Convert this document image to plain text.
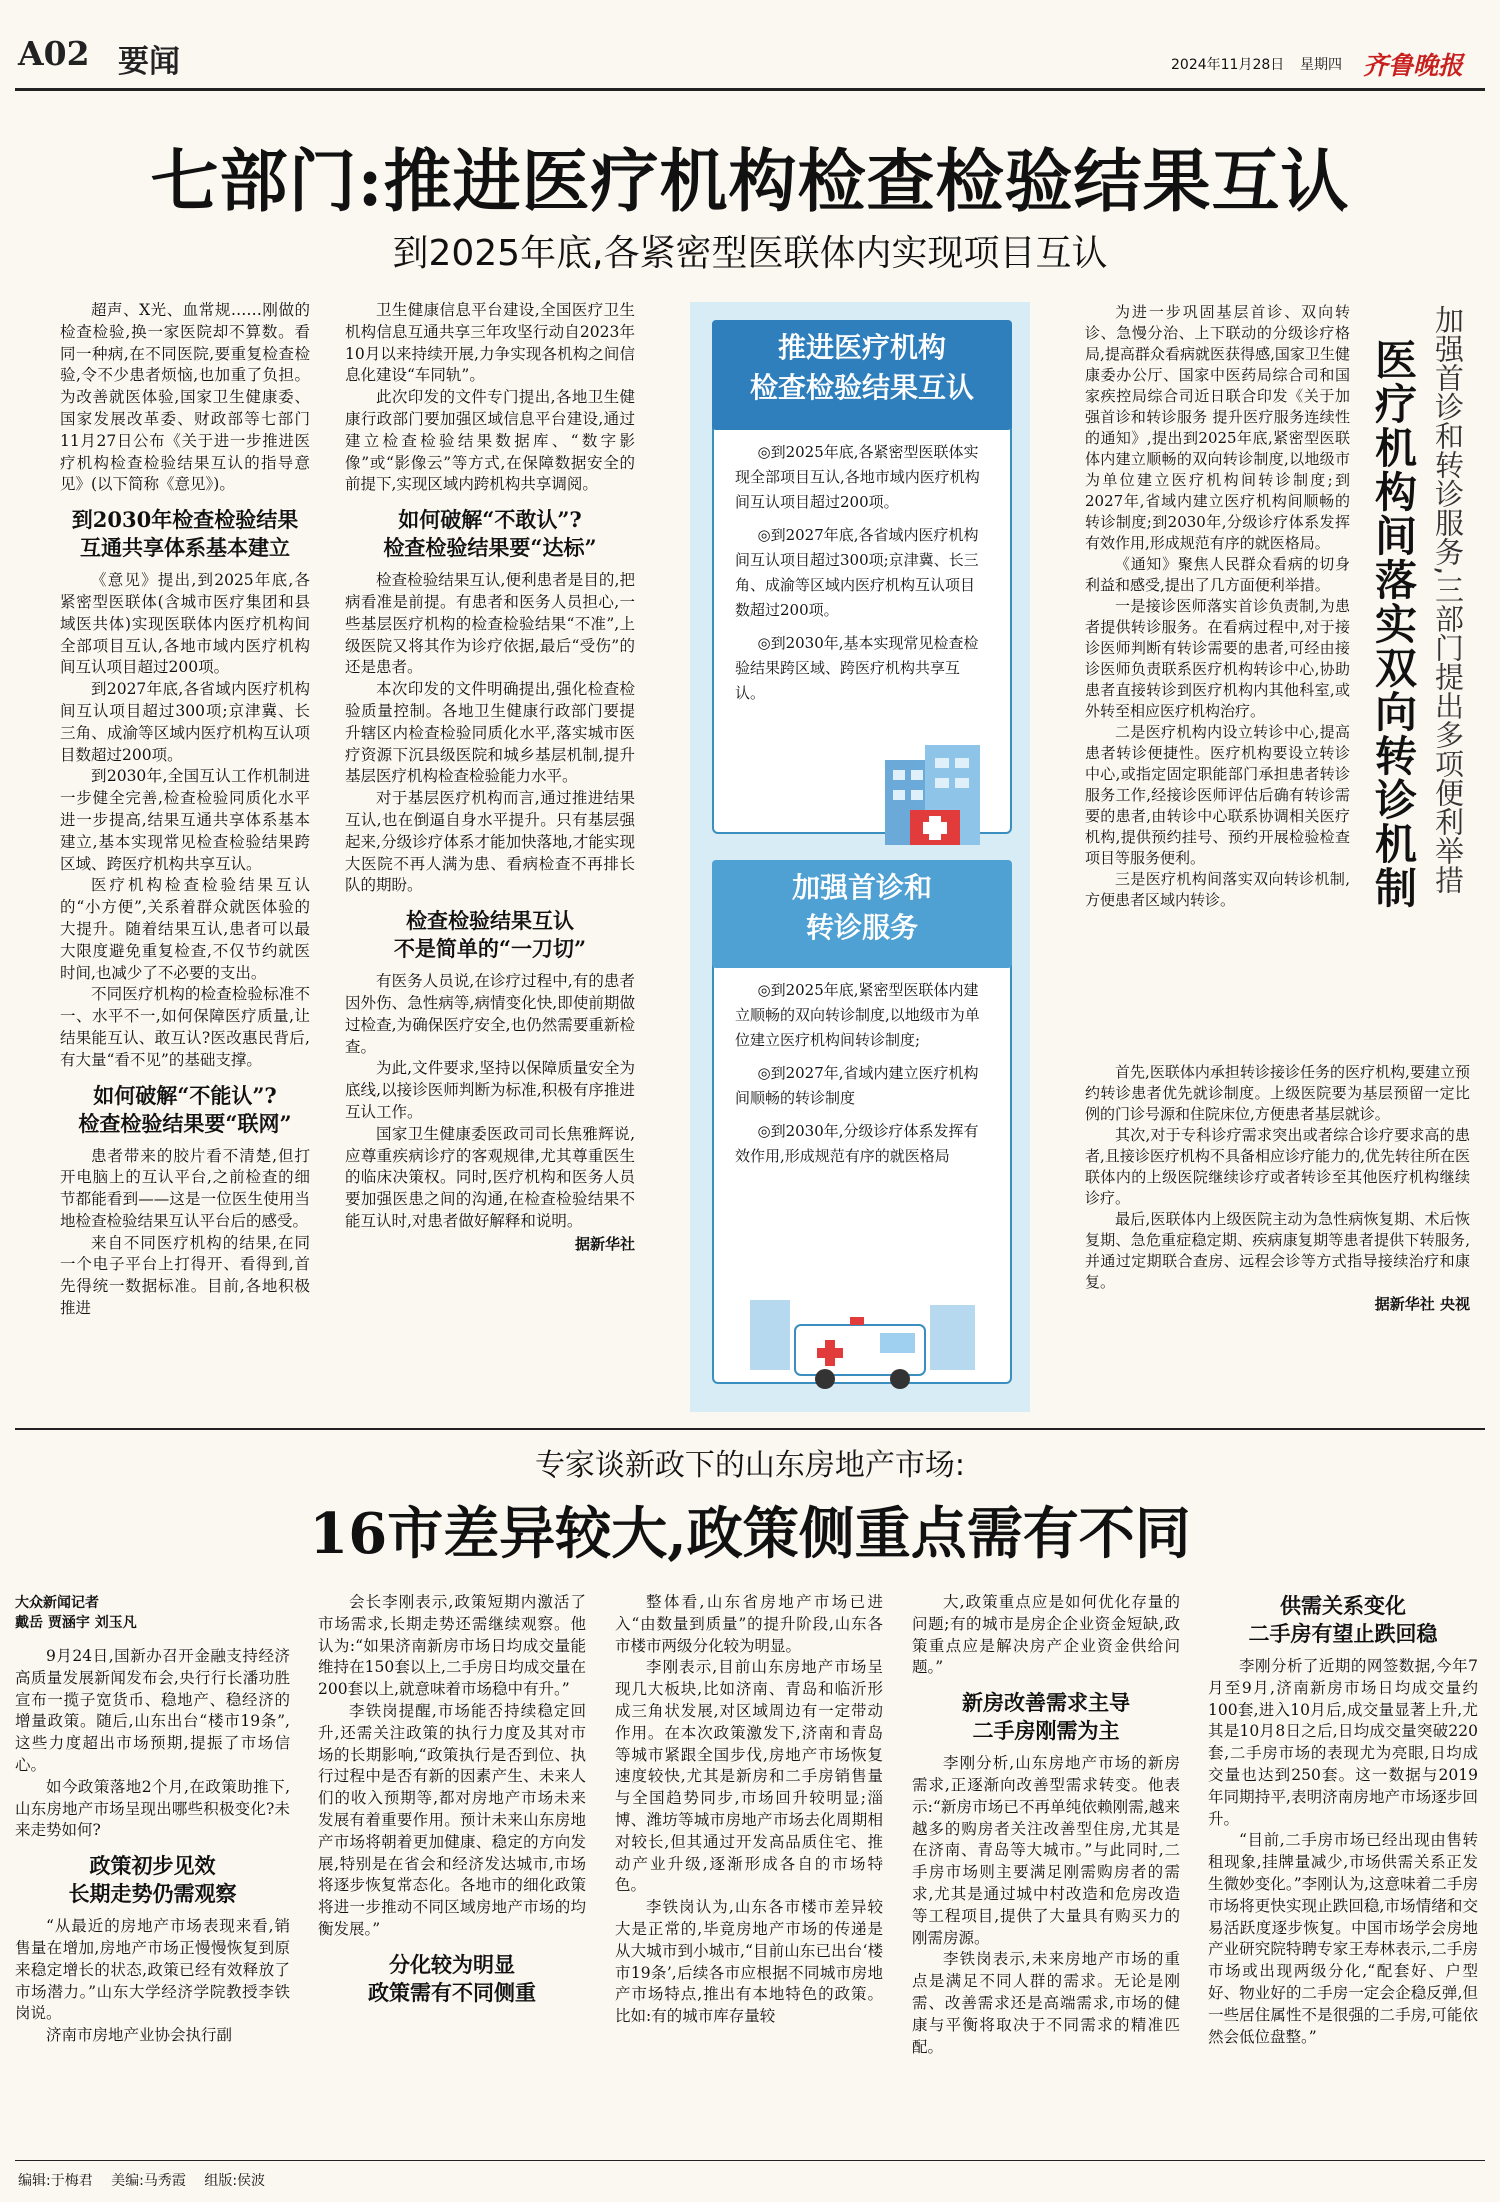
A02 要闻	2024年11月28日 星期四 齐鲁晚报
七部门:推进医疗机构检查检验结果互认
到2025年底,各紧密型医联体内实现项目互认

超声、X光、血常规……刚做的检查检验,换一家医院却不算数。看同一种病,在不同医院,要重复检查检验,令不少患者烦恼,也加重了负担。为改善就医体验,国家卫生健康委、国家发展改革委、财政部等七部门11月27日公布《关于进一步推进医疗机构检查检验结果互认的指导意见》(以下简称《意见》)。

到2030年检查检验结果
互通共享体系基本建立

《意见》提出,到2025年底,各紧密型医联体(含城市医疗集团和县域医共体)实现医联体内医疗机构间全部项目互认,各地市域内医疗机构间互认项目超过200项。

到2027年底,各省域内医疗机构间互认项目超过300项;京津冀、长三角、成渝等区域内医疗机构互认项目数超过200项。

到2030年,全国互认工作机制进一步健全完善,检查检验同质化水平进一步提高,结果互通共享体系基本建立,基本实现常见检查检验结果跨区域、跨医疗机构共享互认。

医疗机构检查检验结果互认的“小方便”,关系着群众就医体验的大提升。随着结果互认,患者可以最大限度避免重复检查,不仅节约就医时间,也减少了不必要的支出。

不同医疗机构的检查检验标准不一、水平不一,如何保障医疗质量,让结果能互认、敢互认?医改惠民背后,有大量“看不见”的基础支撑。

如何破解“不能认”?
检查检验结果要“联网”

患者带来的胶片看不清楚,但打开电脑上的互认平台,之前检查的细节都能看到——这是一位医生使用当地检查检验结果互认平台后的感受。

来自不同医疗机构的结果,在同一个电子平台上打得开、看得到,首先得统一数据标准。目前,各地积极推进

卫生健康信息平台建设,全国医疗卫生机构信息互通共享三年攻坚行动自2023年10月以来持续开展,力争实现各机构之间信息化建设“车同轨”。

此次印发的文件专门提出,各地卫生健康行政部门要加强区域信息平台建设,通过建立检查检验结果数据库、“数字影像”或“影像云”等方式,在保障数据安全的前提下,实现区域内跨机构共享调阅。

如何破解“不敢认”?
检查检验结果要“达标”

检查检验结果互认,便利患者是目的,把病看准是前提。有患者和医务人员担心,一些基层医疗机构的检查检验结果“不准”,上级医院又将其作为诊疗依据,最后“受伤”的还是患者。

本次印发的文件明确提出,强化检查检验质量控制。各地卫生健康行政部门要提升辖区内检查检验同质化水平,落实城市医疗资源下沉县级医院和城乡基层机制,提升基层医疗机构检查检验能力水平。

对于基层医疗机构而言,通过推进结果互认,也在倒逼自身水平提升。只有基层强起来,分级诊疗体系才能加快落地,才能实现大医院不再人满为患、看病检查不再排长队的期盼。

检查检验结果互认
不是简单的“一刀切”

有医务人员说,在诊疗过程中,有的患者因外伤、急性病等,病情变化快,即使前期做过检查,为确保医疗安全,也仍然需要重新检查。

为此,文件要求,坚持以保障质量安全为底线,以接诊医师判断为标准,积极有序推进互认工作。

国家卫生健康委医政司司长焦雅辉说,应尊重疾病诊疗的客观规律,尤其尊重医生的临床决策权。同时,医疗机构和医务人员要加强医患之间的沟通,在检查检验结果不能互认时,对患者做好解释和说明。

据新华社
推进医疗机构
检查检验结果互认

◎到2025年底,各紧密型医联体实现全部项目互认,各地市域内医疗机构间互认项目超过200项。

◎到2027年底,各省域内医疗机构间互认项目超过300项;京津冀、长三角、成渝等区域内医疗机构互认项目数超过200项。

◎到2030年,基本实现常见检查检验结果跨区域、跨医疗机构共享互认。

加强首诊和
转诊服务

◎到2025年底,紧密型医联体内建立顺畅的双向转诊制度,以地级市为单位建立医疗机构间转诊制度;

◎到2027年,省域内建立医疗机构间顺畅的转诊制度

◎到2030年,分级诊疗体系发挥有效作用,形成规范有序的就医格局

为进一步巩固基层首诊、双向转诊、急慢分治、上下联动的分级诊疗格局,提高群众看病就医获得感,国家卫生健康委办公厅、国家中医药局综合司和国家疾控局综合司近日联合印发《关于加强首诊和转诊服务 提升医疗服务连续性的通知》,提出到2025年底,紧密型医联体内建立顺畅的双向转诊制度,以地级市为单位建立医疗机构间转诊制度;到2027年,省域内建立医疗机构间顺畅的转诊制度;到2030年,分级诊疗体系发挥有效作用,形成规范有序的就医格局。

《通知》聚焦人民群众看病的切身利益和感受,提出了几方面便利举措。

一是接诊医师落实首诊负责制,为患者提供转诊服务。在看病过程中,对于接诊医师判断有转诊需要的患者,可经由接诊医师负责联系医疗机构转诊中心,协助患者直接转诊到医疗机构内其他科室,或外转至相应医疗机构治疗。

二是医疗机构内设立转诊中心,提高患者转诊便捷性。医疗机构要设立转诊中心,或指定固定职能部门承担患者转诊服务工作,经接诊医师评估后确有转诊需要的患者,由转诊中心联系协调相关医疗机构,提供预约挂号、预约开展检验检查项目等服务便利。

三是医疗机构间落实双向转诊机制,方便患者区域内转诊。

首先,医联体内承担转诊接诊任务的医疗机构,要建立预约转诊患者优先就诊制度。上级医院要为基层预留一定比例的门诊号源和住院床位,方便患者基层就诊。

其次,对于专科诊疗需求突出或者综合诊疗要求高的患者,且接诊医疗机构不具备相应诊疗能力的,优先转往所在医联体内的上级医院继续诊疗或者转诊至其他医疗机构继续诊疗。

最后,医联体内上级医院主动为急性病恢复期、术后恢复期、急危重症稳定期、疾病康复期等患者提供下转服务,并通过定期联合查房、远程会诊等方式指导接续治疗和康复。

据新华社 央视
医疗机构间落实双向转诊机制 加强首诊和转诊服务,三部门提出多项便利举措
专家谈新政下的山东房地产市场:
16市差异较大,政策侧重点需有不同
大众新闻记者
戴岳 贾涵宇 刘玉凡

9月24日,国新办召开金融支持经济高质量发展新闻发布会,央行行长潘功胜宣布一揽子宽货币、稳地产、稳经济的增量政策。随后,山东出台“楼市19条”,这些力度超出市场预期,提振了市场信心。

如今政策落地2个月,在政策助推下,山东房地产市场呈现出哪些积极变化?未来走势如何?

政策初步见效
长期走势仍需观察

“从最近的房地产市场表现来看,销售量在增加,房地产市场正慢慢恢复到原来稳定增长的状态,政策已经有效释放了市场潜力。”山东大学经济学院教授李铁岗说。

济南市房地产业协会执行副

会长李刚表示,政策短期内激活了市场需求,长期走势还需继续观察。他认为:“如果济南新房市场日均成交量能维持在150套以上,二手房日均成交量在200套以上,就意味着市场稳中有升。”

李铁岗提醒,市场能否持续稳定回升,还需关注政策的执行力度及其对市场的长期影响,“政策执行是否到位、执行过程中是否有新的因素产生、未来人们的收入预期等,都对房地产市场未来发展有着重要作用。预计未来山东房地产市场将朝着更加健康、稳定的方向发展,特别是在省会和经济发达城市,市场将逐步恢复常态化。各地市的细化政策将进一步推动不同区域房地产市场的均衡发展。”

分化较为明显
政策需有不同侧重

整体看,山东省房地产市场已进入“由数量到质量”的提升阶段,山东各市楼市两级分化较为明显。

李刚表示,目前山东房地产市场呈现几大板块,比如济南、青岛和临沂形成三角状发展,对区域周边有一定带动作用。在本次政策激发下,济南和青岛等城市紧跟全国步伐,房地产市场恢复速度较快,尤其是新房和二手房销售量与全国趋势同步,市场回升较明显;淄博、潍坊等城市房地产市场去化周期相对较长,但其通过开发高品质住宅、推动产业升级,逐渐形成各自的市场特色。

李铁岗认为,山东各市楼市差异较大是正常的,毕竟房地产市场的传递是从大城市到小城市,“目前山东已出台‘楼市19条’,后续各市应根据不同城市房地产市场特点,推出有本地特色的政策。比如:有的城市库存量较

大,政策重点应是如何优化存量的问题;有的城市是房企企业资金短缺,政策重点应是解决房产企业资金供给问题。”

新房改善需求主导
二手房刚需为主

李刚分析,山东房地产市场的新房需求,正逐渐向改善型需求转变。他表示:“新房市场已不再单纯依赖刚需,越来越多的购房者关注改善型住房,尤其是在济南、青岛等大城市。”与此同时,二手房市场则主要满足刚需购房者的需求,尤其是通过城中村改造和危房改造等工程项目,提供了大量具有购买力的刚需房源。

李铁岗表示,未来房地产市场的重点是满足不同人群的需求。无论是刚需、改善需求还是高端需求,市场的健康与平衡将取决于不同需求的精准匹配。

供需关系变化
二手房有望止跌回稳

李刚分析了近期的网签数据,今年7月至9月,济南新房市场日均成交量约100套,进入10月后,成交量显著上升,尤其是10月8日之后,日均成交量突破220套,二手房市场的表现尤为亮眼,日均成交量也达到250套。这一数据与2019年同期持平,表明济南房地产市场逐步回升。

“目前,二手房市场已经出现由售转租现象,挂牌量减少,市场供需关系正发生微妙变化。”李刚认为,这意味着二手房市场将更快实现止跌回稳,市场情绪和交易活跃度逐步恢复。中国市场学会房地产业研究院特聘专家王寿林表示,二手房市场或出现两级分化,“配套好、户型好、物业好的二手房一定会企稳反弹,但一些居住属性不是很强的二手房,可能依然会低位盘整。”

编辑:于梅君 美编:马秀霞 组版:侯波
